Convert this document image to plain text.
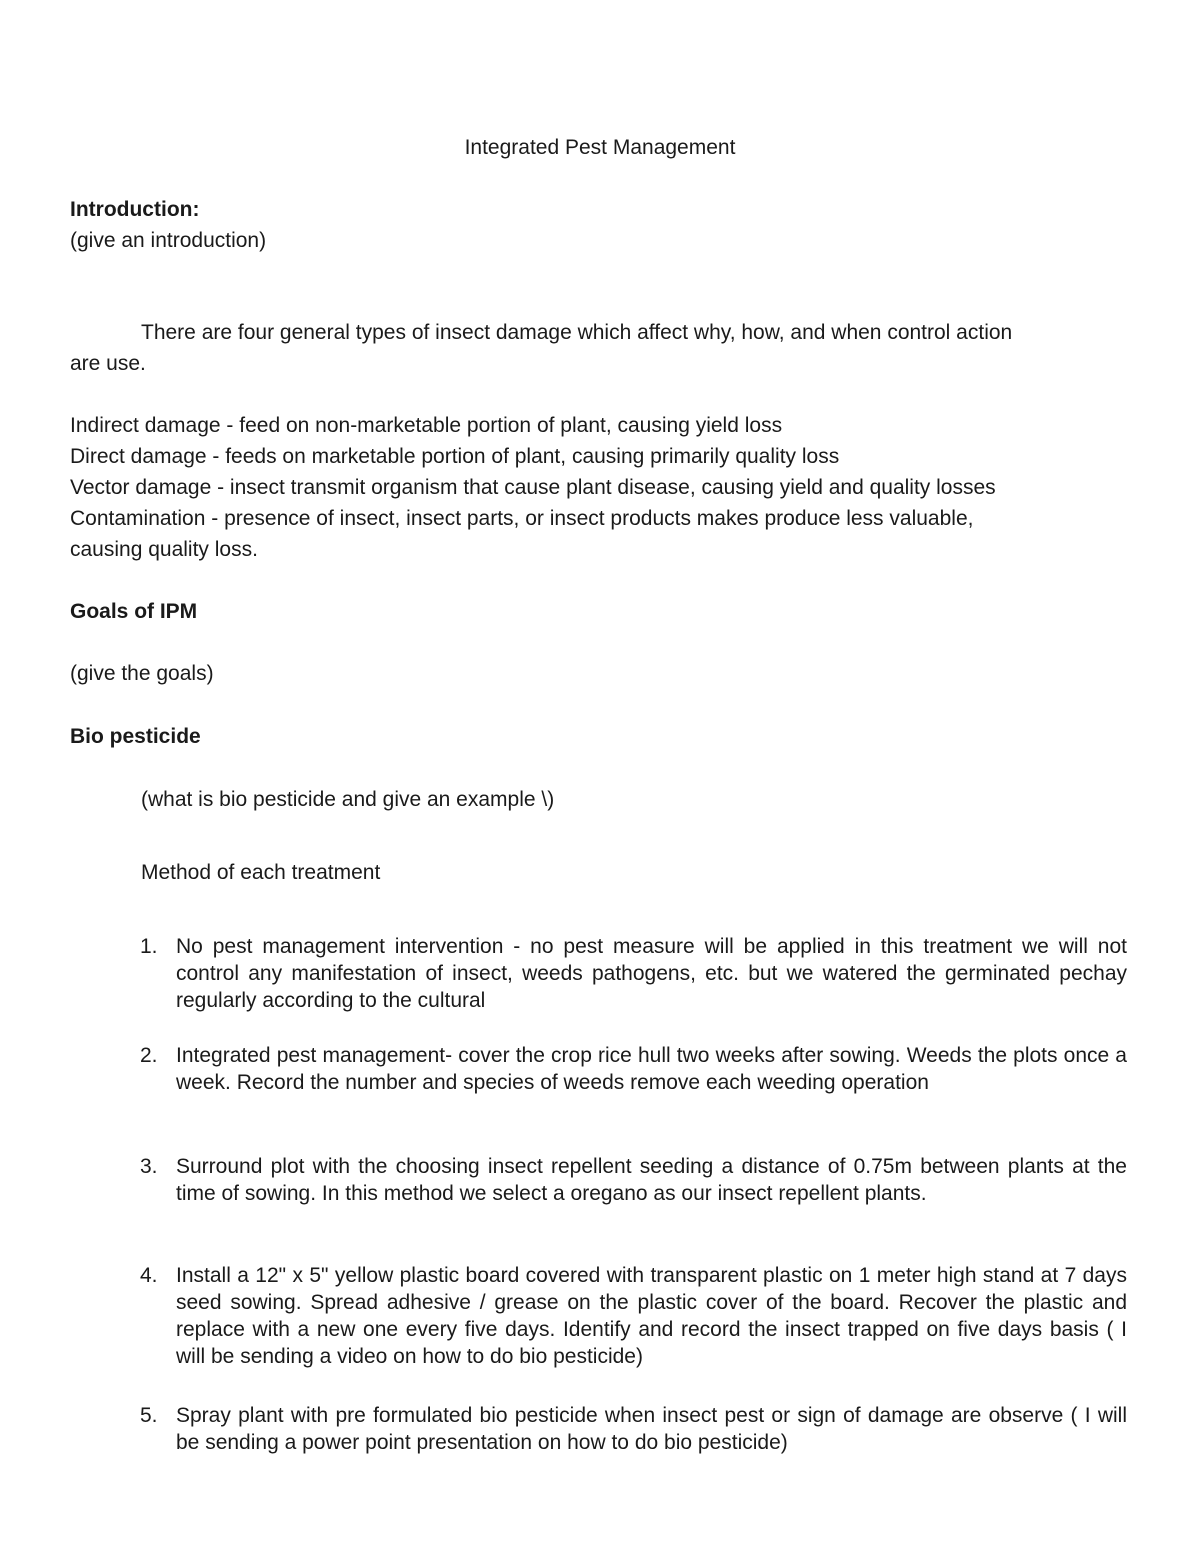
Integrated Pest Management
Introduction:
(give an introduction)
There are four general types of insect damage which affect why, how, and when control action
are use.
Indirect damage - feed on non-marketable portion of plant, causing yield loss
Direct damage - feeds on marketable portion of plant, causing primarily quality loss
Vector damage - insect transmit organism that cause plant disease, causing yield and quality losses
Contamination - presence of insect, insect parts, or insect products makes produce less valuable,
causing quality loss.
Goals of IPM
(give the goals)
Bio pesticide
(what is bio pesticide and give an example \)
Method of each treatment
1. No pest management intervention - no pest measure will be applied in this treatment we will not control any manifestation of insect, weeds pathogens, etc. but we watered the germinated pechay regularly according to the cultural
2. Integrated pest management- cover the crop rice hull two weeks after sowing. Weeds the plots once a week. Record the number and species of weeds remove each weeding operation
3. Surround plot with the choosing insect repellent seeding a distance of 0.75m between plants at the time of sowing. In this method we select a oregano as our insect repellent plants.
4. Install a 12" x 5" yellow plastic board covered with transparent plastic on 1 meter high stand at 7 days seed sowing. Spread adhesive / grease on the plastic cover of the board. Recover the plastic and replace with a new one every five days. Identify and record the insect trapped on five days basis ( I will be sending a video on how to do bio pesticide)
5. Spray plant with pre formulated bio pesticide when insect pest or sign of damage are observe ( I will be sending a power point presentation on how to do bio pesticide)
